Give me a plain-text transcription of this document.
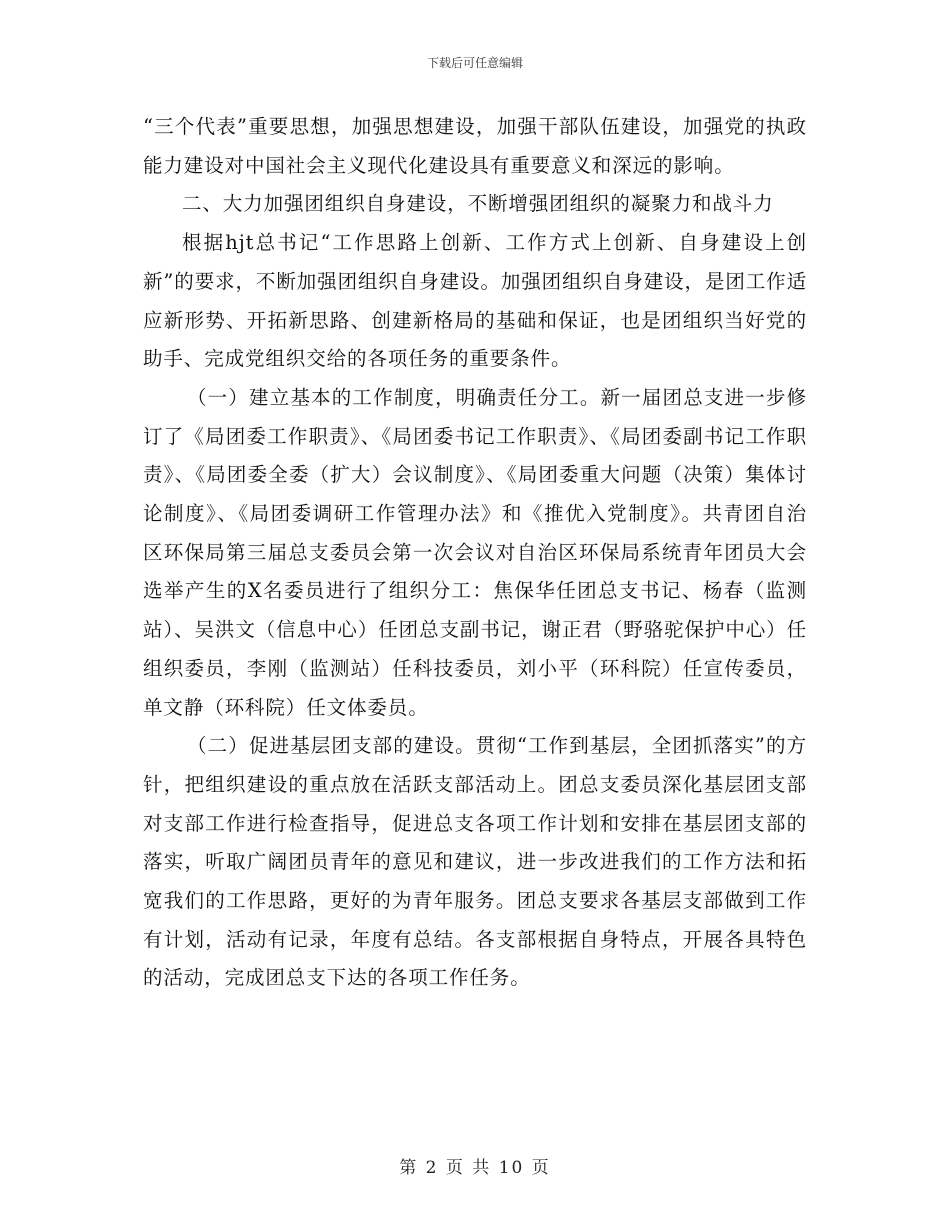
下载后可任意编辑

“三个代表”重要思想，加强思想建设，加强干部队伍建设，加强党的执政能力建设对中国社会主义现代化建设具有重要意义和深远的影响。

二、大力加强团组织自身建设，不断增强团组织的凝聚力和战斗力

根据hjt总书记“工作思路上创新、工作方式上创新、自身建设上创新”的要求，不断加强团组织自身建设。加强团组织自身建设，是团工作适应新形势、开拓新思路、创建新格局的基础和保证，也是团组织当好党的助手、完成党组织交给的各项任务的重要条件。

（一）建立基本的工作制度，明确责任分工。新一届团总支进一步修订了《局团委工作职责》、《局团委书记工作职责》、《局团委副书记工作职责》、《局团委全委（扩大）会议制度》、《局团委重大问题（决策）集体讨论制度》、《局团委调研工作管理办法》和《推优入党制度》。共青团自治区环保局第三届总支委员会第一次会议对自治区环保局系统青年团员大会选举产生的X名委员进行了组织分工：焦保华任团总支书记、杨春（监测站）、吴洪文（信息中心）任团总支副书记，谢正君（野骆驼保护中心）任组织委员，李刚（监测站）任科技委员，刘小平（环科院）任宣传委员，单文静（环科院）任文体委员。

（二）促进基层团支部的建设。贯彻“工作到基层，全团抓落实”的方针，把组织建设的重点放在活跃支部活动上。团总支委员深化基层团支部对支部工作进行检查指导，促进总支各项工作计划和安排在基层团支部的落实，听取广阔团员青年的意见和建议，进一步改进我们的工作方法和拓宽我们的工作思路，更好的为青年服务。团总支要求各基层支部做到工作有计划，活动有记录，年度有总结。各支部根据自身特点，开展各具特色的活动，完成团总支下达的各项工作任务。

第 2 页 共 10 页
